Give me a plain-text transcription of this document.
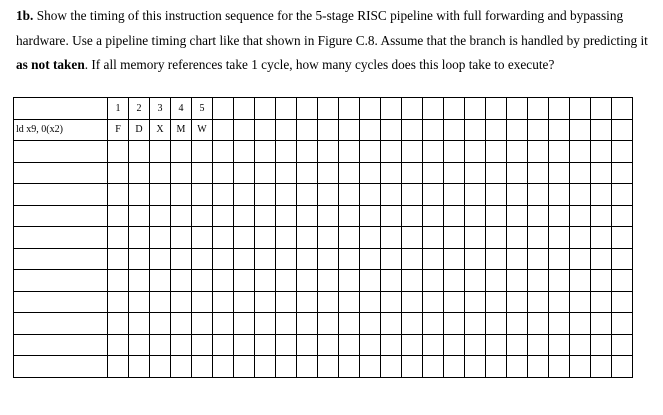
1b. Show the timing of this instruction sequence for the 5-stage RISC pipeline with full forwarding and bypassing hardware. Use a pipeline timing chart like that shown in Figure C.8. Assume that the branch is handled by predicting it as not taken. If all memory references take 1 cycle, how many cycles does this loop take to execute?
	1	2	3	4	5																				
ld x9, 0(x2)	F	D	X	M	W																				
